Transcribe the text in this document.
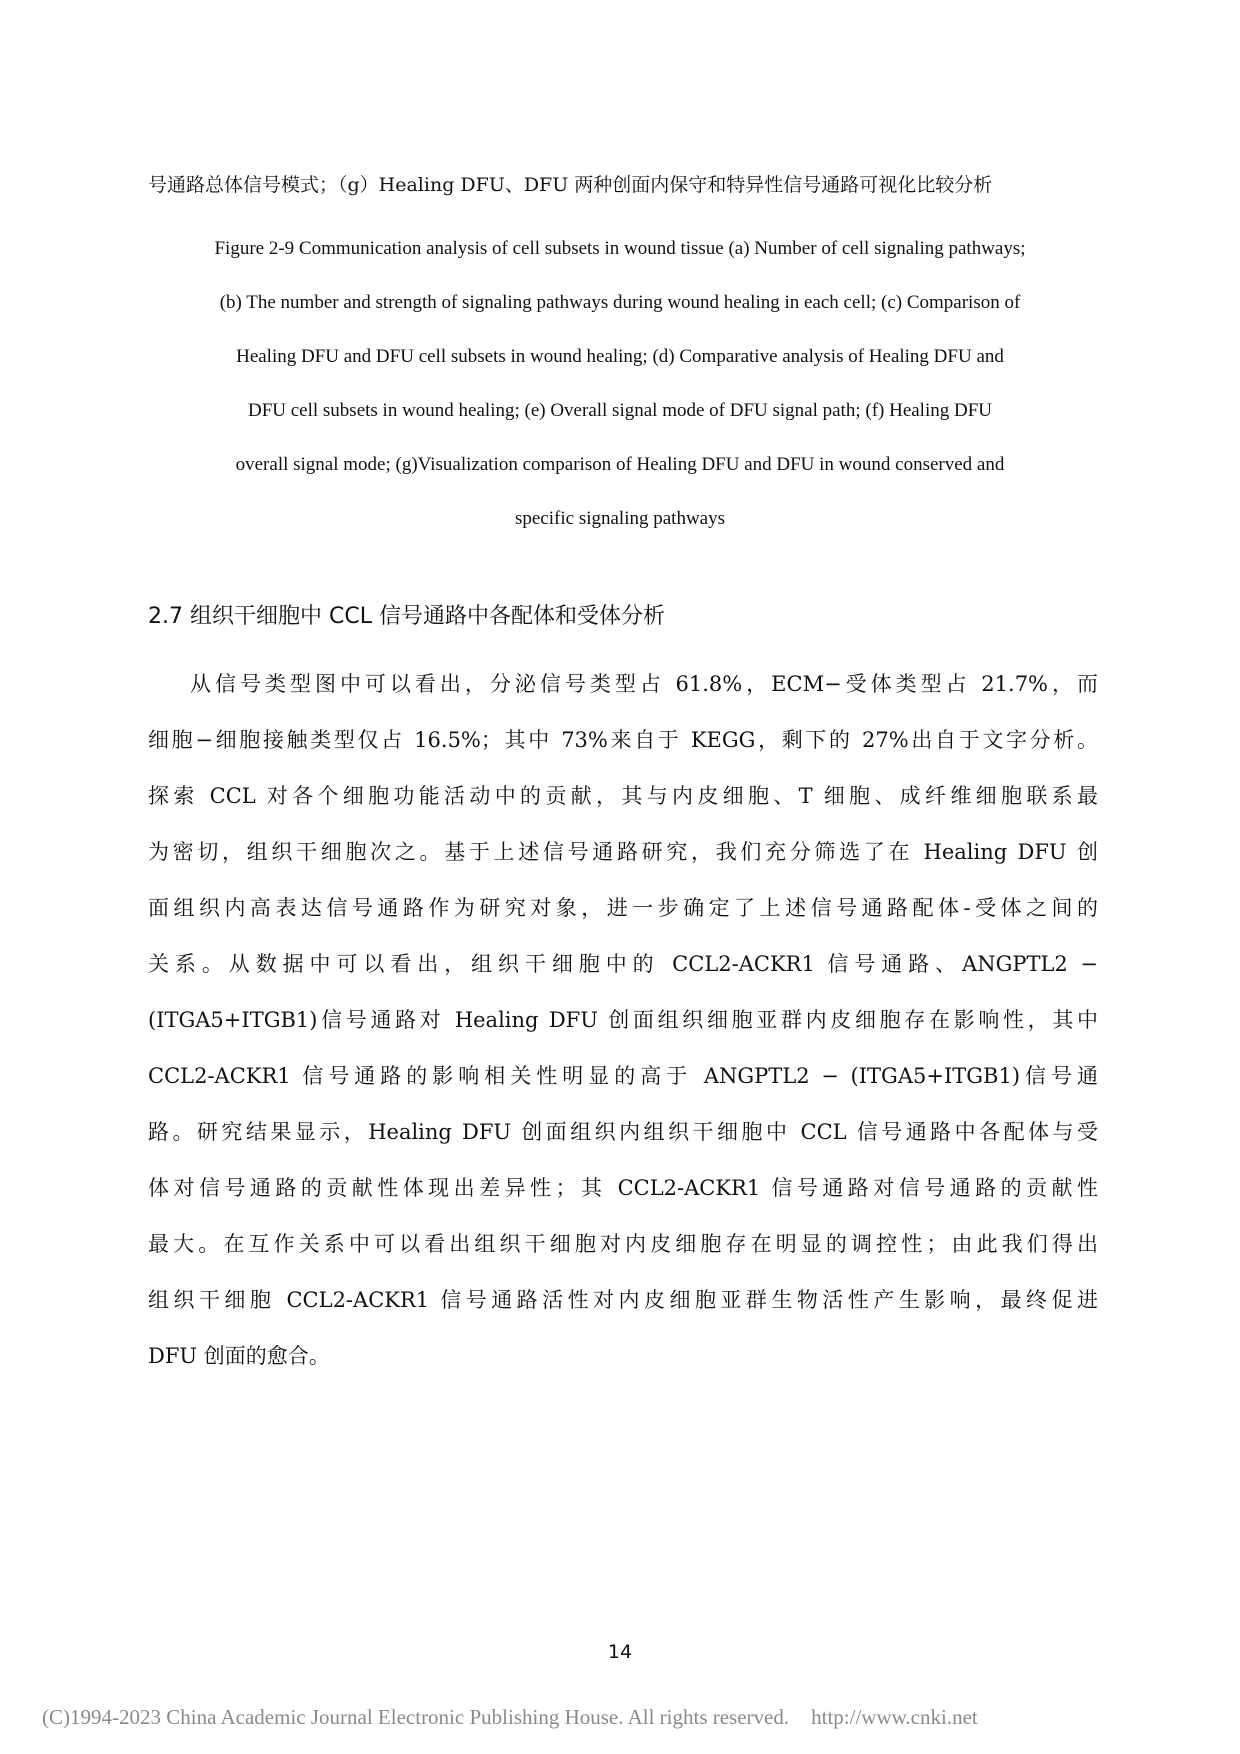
号通路总体信号模式；（g）Healing DFU、DFU 两种创面内保守和特异性信号通路可视化比较分析
Figure 2-9 Communication analysis of cell subsets in wound tissue (a) Number of cell signaling pathways;
(b) The number and strength of signaling pathways during wound healing in each cell; (c) Comparison of
Healing DFU and DFU cell subsets in wound healing; (d) Comparative analysis of Healing DFU and
DFU cell subsets in wound healing; (e) Overall signal mode of DFU signal path; (f) Healing DFU
overall signal mode; (g)Visualization comparison of Healing DFU and DFU in wound conserved and
specific signaling pathways
2.7 组织干细胞中 CCL 信号通路中各配体和受体分析
从信号类型图中可以看出，分泌信号类型占 61.8%，ECM−受体类型占 21.7%，而
细胞−细胞接触类型仅占 16.5%；其中 73%来自于 KEGG，剩下的 27%出自于文字分析。
探索 CCL 对各个细胞功能活动中的贡献，其与内皮细胞、T 细胞、成纤维细胞联系最
为密切，组织干细胞次之。基于上述信号通路研究，我们充分筛选了在 Healing DFU 创
面组织内高表达信号通路作为研究对象，进一步确定了上述信号通路配体-受体之间的
关系。从数据中可以看出，组织干细胞中的 CCL2-ACKR1 信号通路、ANGPTL2 −
(ITGA5+ITGB1)信号通路对 Healing DFU 创面组织细胞亚群内皮细胞存在影响性，其中
CCL2-ACKR1 信号通路的影响相关性明显的高于 ANGPTL2 − (ITGA5+ITGB1)信号通
路。研究结果显示，Healing DFU 创面组织内组织干细胞中 CCL 信号通路中各配体与受
体对信号通路的贡献性体现出差异性；其 CCL2-ACKR1 信号通路对信号通路的贡献性
最大。在互作关系中可以看出组织干细胞对内皮细胞存在明显的调控性；由此我们得出
组织干细胞 CCL2-ACKR1 信号通路活性对内皮细胞亚群生物活性产生影响，最终促进
DFU 创面的愈合。
14
(C)1994-2023 China Academic Journal Electronic Publishing House. All rights reserved. http://www.cnki.net
